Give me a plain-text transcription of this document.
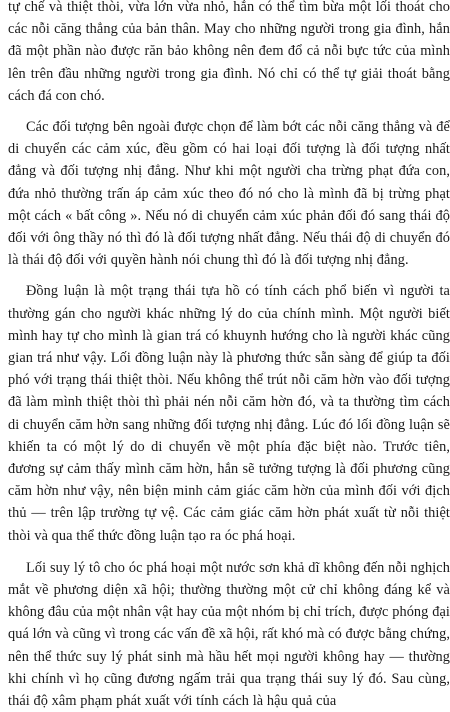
tự chế và thiệt thòi, vừa lớn vừa nhỏ, hắn có thể tìm bừa một lối thoát cho các nỗi căng thẳng của bản thân. May cho những người trong gia đình, hắn đã một phần nào được răn bảo không nên đem đổ cả nỗi bực tức của mình lên trên đầu những người trong gia đình. Nó chỉ có thể tự giải thoát bằng cách đá con chó.

Các đối tượng bên ngoài được chọn để làm bớt các nỗi căng thẳng và để di chuyển các cảm xúc, đều gồm có hai loại đối tượng là đối tượng nhất đẳng và đối tượng nhị đẳng. Như khi một người cha trừng phạt đứa con, đứa nhỏ thường trấn áp cảm xúc theo đó nó cho là mình đã bị trừng phạt một cách « bất công ». Nếu nó di chuyển cảm xúc phản đối đó sang thái độ đối với ông thầy nó thì đó là đối tượng nhất đẳng. Nếu thái độ di chuyển đó là thái độ đối với quyền hành nói chung thì đó là đối tượng nhị đẳng.

Đồng luận là một trạng thái tựa hồ có tính cách phổ biến vì người ta thường gán cho người khác những lý do của chính mình. Một người biết mình hay tự cho mình là gian trá có khuynh hướng cho là người khác cũng gian trá như vậy. Lối đồng luận này là phương thức sẵn sàng để giúp ta đối phó với trạng thái thiệt thòi. Nếu không thể trút nỗi căm hờn vào đối tượng đã làm mình thiệt thòi thì phải nén nỗi căm hờn đó, và ta thường tìm cách di chuyển căm hờn sang những đối tượng nhị đẳng. Lúc đó lối đồng luận sẽ khiến ta có một lý do di chuyển về một phía đặc biệt nào. Trước tiên, đương sự cảm thấy mình căm hờn, hắn sẽ tưởng tượng là đối phương cũng căm hờn như vậy, nên biện minh cảm giác căm hờn của mình đối với địch thủ — trên lập trường tự vệ. Các cảm giác căm hờn phát xuất từ nỗi thiệt thòi và qua thể thức đồng luận tạo ra óc phá hoại.

Lối suy lý tô cho óc phá hoại một nước sơn khả dĩ không đến nỗi nghịch mắt về phương diện xã hội; thường thường một cử chỉ không đáng kể và không đâu của một nhân vật hay của một nhóm bị chỉ trích, được phóng đại quá lớn và cũng vì trong các vấn đề xã hội, rất khó mà có được bằng chứng, nên thể thức suy lý phát sinh mà hầu hết mọi người không hay — thường khi chính vì họ cũng đương ngấm trải qua trạng thái suy lý đó. Sau cùng, thái độ xâm phạm phát xuất với tính cách là hậu quả của
